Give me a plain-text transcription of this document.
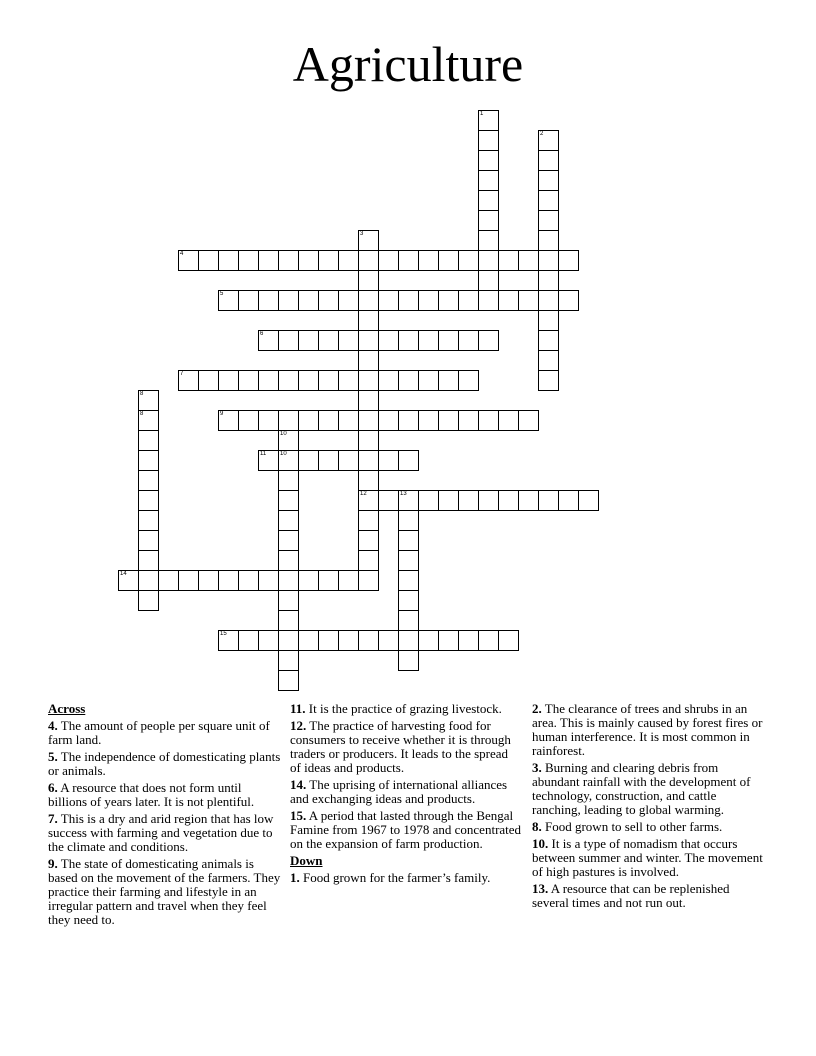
Agriculture
4
5
6
7
9
11 10
12	13
14
15
1
2
3
8
8
10
Across
4. The amount of people per square unit of farm land.
5. The independence of domesticating plants or animals.
6. A resource that does not form until billions of years later. It is not plentiful.
7. This is a dry and arid region that has low success with farming and vegetation due to the climate and conditions.
9. The state of domesticating animals is based on the movement of the farmers. They practice their farming and lifestyle in an irregular pattern and travel when they feel they need to.
11. It is the practice of grazing livestock.
12. The practice of harvesting food for consumers to receive whether it is through traders or producers. It leads to the spread of ideas and products.
14. The uprising of international alliances and exchanging ideas and products.
15. A period that lasted through the Bengal Famine from 1967 to 1978 and concentrated on the expansion of farm production.
Down
1. Food grown for the farmer’s family.
2. The clearance of trees and shrubs in an area. This is mainly caused by forest fires or human interference. It is most common in rainforest.
3. Burning and clearing debris from abundant rainfall with the development of technology, construction, and cattle ranching, leading to global warming.
8. Food grown to sell to other farms.
10. It is a type of nomadism that occurs between summer and winter. The movement of high pastures is involved.
13. A resource that can be replenished several times and not run out.
